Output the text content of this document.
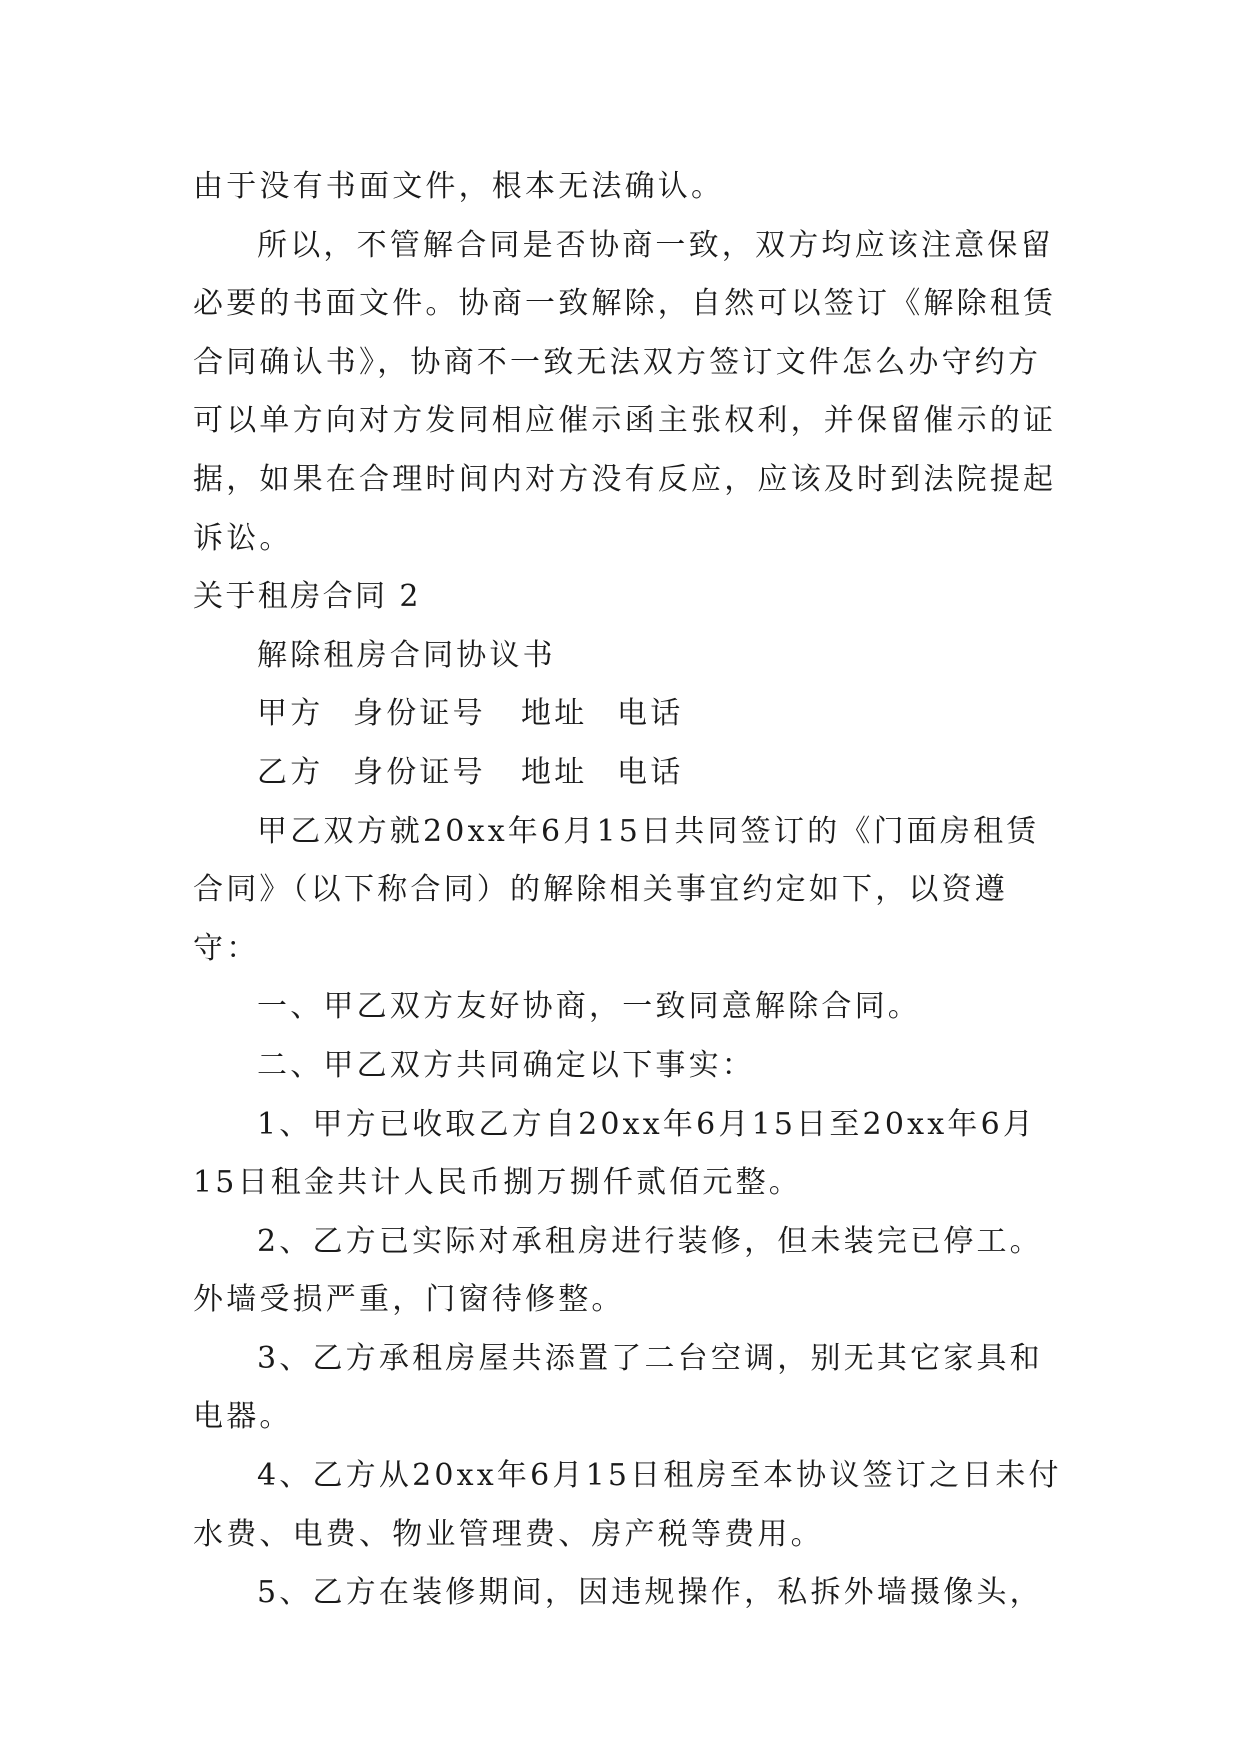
由于没有书面文件，根本无法确认。

所以，不管解合同是否协商一致，双方均应该注意保留必要的书面文件。协商一致解除，自然可以签订《解除租赁合同确认书》，协商不一致无法双方签订文件怎么办守约方可以单方向对方发同相应催示函主张权利，并保留催示的证据，如果在合理时间内对方没有反应，应该及时到法院提起诉讼。

关于租房合同 2

解除租房合同协议书

甲方 身份证号 地址 电话

乙方 身份证号 地址 电话

甲乙双方就20xx年6月15日共同签订的《门面房租赁合同》（以下称合同）的解除相关事宜约定如下，以资遵守：

一、甲乙双方友好协商，一致同意解除合同。

二、甲乙双方共同确定以下事实：

1、甲方已收取乙方自20xx年6月15日至20xx年6月15日租金共计人民币捌万捌仟贰佰元整。

2、乙方已实际对承租房进行装修，但未装完已停工。外墙受损严重，门窗待修整。

3、乙方承租房屋共添置了二台空调，别无其它家具和电器。

4、乙方从20xx年6月15日租房至本协议签订之日未付水费、电费、物业管理费、房产税等费用。

5、乙方在装修期间，因违规操作，私拆外墙摄像头，
